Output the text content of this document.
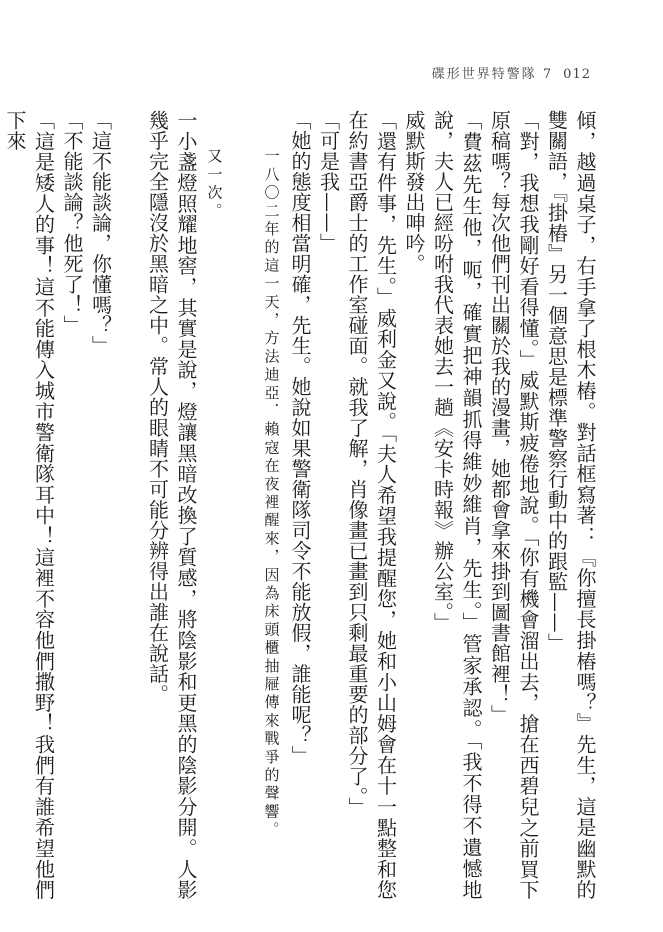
碟形世界特警隊 7 012

傾，越過桌子，右手拿了根木樁。對話框寫著：『你擅長掛樁嗎？』先生，這是幽默的雙關語，『掛樁』另一個意思是標準警察行動中的跟監——」

「對，我想我剛好看得懂。」威默斯疲倦地說。「你有機會溜出去，搶在西碧兒之前買下原稿嗎？每次他們刊出關於我的漫畫，她都會拿來掛到圖書館裡！」

「費茲先生他，呃，確實把神韻抓得維妙維肖，先生。」管家承認。「我不得不遺憾地說，夫人已經吩咐我代表她去一趟《安卡時報》辦公室。」

威默斯發出呻吟。

「還有件事，先生。」威利金又說。「夫人希望我提醒您，她和小山姆會在十一點整和您在約書亞爵士的工作室碰面。就我了解，肖像畫已畫到只剩最重要的部分了。」

「可是我——」

「她的態度相當明確，先生。她說如果警衛隊司令不能放假，誰能呢？」

一八〇二年的這一天，方法迪亞．賴寇在夜裡醒來，因為床頭櫃抽屜傳來戰爭的聲響。

又一次。

一小盞燈照耀地窖，其實是說，燈讓黑暗改換了質感，將陰影和更黑的陰影分開。人影幾乎完全隱沒於黑暗之中。常人的眼睛不可能分辨得出誰在說話。

「這不能談論，你懂嗎？」

「不能談論？他死了！」

「這是矮人的事！這不能傳入城市警衛隊耳中！這裡不容他們撒野！我們有誰希望他們下來
